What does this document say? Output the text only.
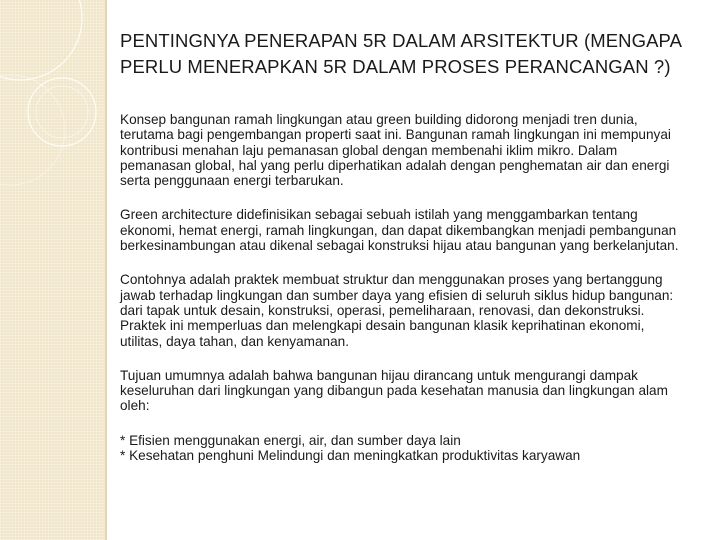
PENTINGNYA PENERAPAN 5R DALAM ARSITEKTUR (MENGAPA PERLU MENERAPKAN 5R DALAM PROSES PERANCANGAN ?)

Konsep bangunan ramah lingkungan atau green building didorong menjadi tren dunia, terutama bagi pengembangan properti saat ini. Bangunan ramah lingkungan ini mempunyai kontribusi menahan laju pemanasan global dengan membenahi iklim mikro. Dalam pemanasan global, hal yang perlu diperhatikan adalah dengan penghematan air dan energi serta penggunaan energi terbarukan.

Green architecture didefinisikan sebagai sebuah istilah yang menggambarkan tentang ekonomi, hemat energi, ramah lingkungan, dan dapat dikembangkan menjadi pembangunan berkesinambungan atau dikenal sebagai konstruksi hijau atau bangunan yang berkelanjutan.

Contohnya adalah praktek membuat struktur dan menggunakan proses yang bertanggung jawab terhadap lingkungan dan sumber daya yang efisien di seluruh siklus hidup bangunan: dari tapak untuk desain, konstruksi, operasi, pemeliharaan, renovasi, dan dekonstruksi. Praktek ini memperluas dan melengkapi desain bangunan klasik keprihatinan ekonomi, utilitas, daya tahan, dan kenyamanan.

Tujuan umumnya adalah bahwa bangunan hijau dirancang untuk mengurangi dampak keseluruhan dari lingkungan yang dibangun pada kesehatan manusia dan lingkungan alam oleh:

* Efisien menggunakan energi, air, dan sumber daya lain
* Kesehatan penghuni Melindungi dan meningkatkan produktivitas karyawan
